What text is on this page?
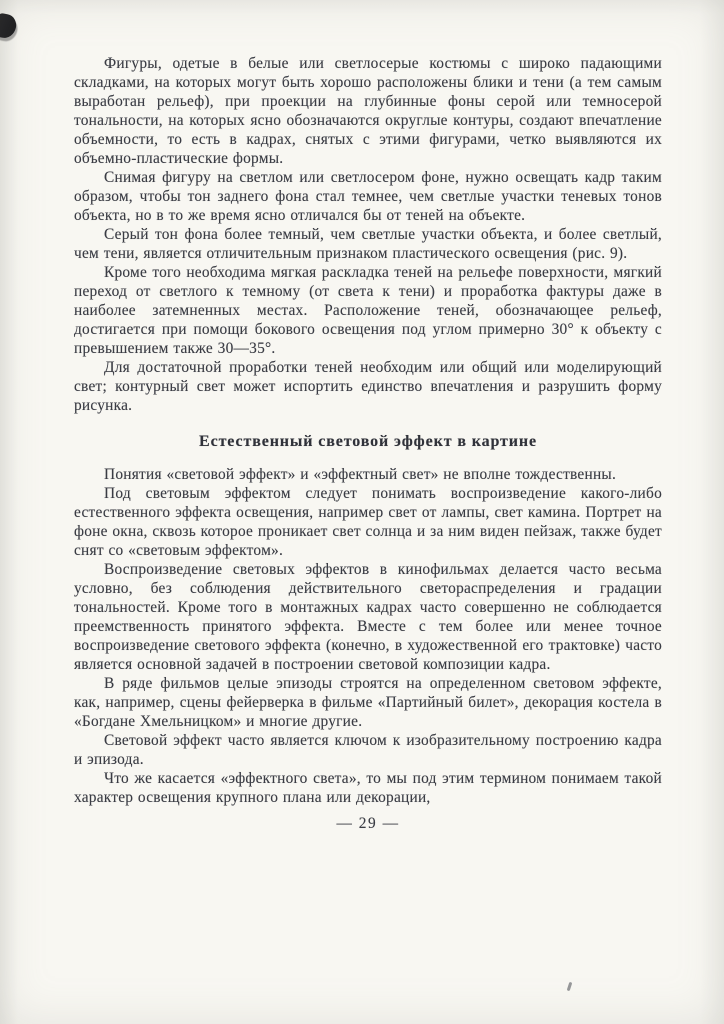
Фигуры, одетые в белые или светлосерые костюмы с широко падающими складками, на которых могут быть хорошо расположены блики и тени (а тем самым выработан рельеф), при проекции на глубинные фоны серой или темносерой тональности, на которых ясно обозначаются округлые контуры, создают впечатление объемности, то есть в кадрах, снятых с этими фигурами, четко выявляются их объемно-пластические формы.

Снимая фигуру на светлом или светлосером фоне, нужно освещать кадр таким образом, чтобы тон заднего фона стал темнее, чем светлые участки теневых тонов объекта, но в то же время ясно отличался бы от теней на объекте.

Серый тон фона более темный, чем светлые участки объекта, и более светлый, чем тени, является отличительным признаком пластического освещения (рис. 9).

Кроме того необходима мягкая раскладка теней на рельефе поверхности, мягкий переход от светлого к темному (от света к тени) и проработка фактуры даже в наиболее затемненных местах. Расположение теней, обозначающее рельеф, достигается при помощи бокового освещения под углом примерно 30° к объекту с превышением также 30—35°.

Для достаточной проработки теней необходим или общий или моделирующий свет; контурный свет может испортить единство впечатления и разрушить форму рисунка.

Естественный световой эффект в картине

Понятия «световой эффект» и «эффектный свет» не вполне тождественны.

Под световым эффектом следует понимать воспроизведение какого-либо естественного эффекта освещения, например свет от лампы, свет камина. Портрет на фоне окна, сквозь которое проникает свет солнца и за ним виден пейзаж, также будет снят со «световым эффектом».

Воспроизведение световых эффектов в кинофильмах делается часто весьма условно, без соблюдения действительного светораспределения и градации тональностей. Кроме того в монтажных кадрах часто совершенно не соблюдается преемственность принятого эффекта. Вместе с тем более или менее точное воспроизведение светового эффекта (конечно, в художественной его трактовке) часто является основной задачей в построении световой композиции кадра.

В ряде фильмов целые эпизоды строятся на определенном световом эффекте, как, например, сцены фейерверка в фильме «Партийный билет», декорация костела в «Богдане Хмельницком» и многие другие.

Световой эффект часто является ключом к изобразительному построению кадра и эпизода.

Что же касается «эффектного света», то мы под этим термином понимаем такой характер освещения крупного плана или декорации,

— 29 —
